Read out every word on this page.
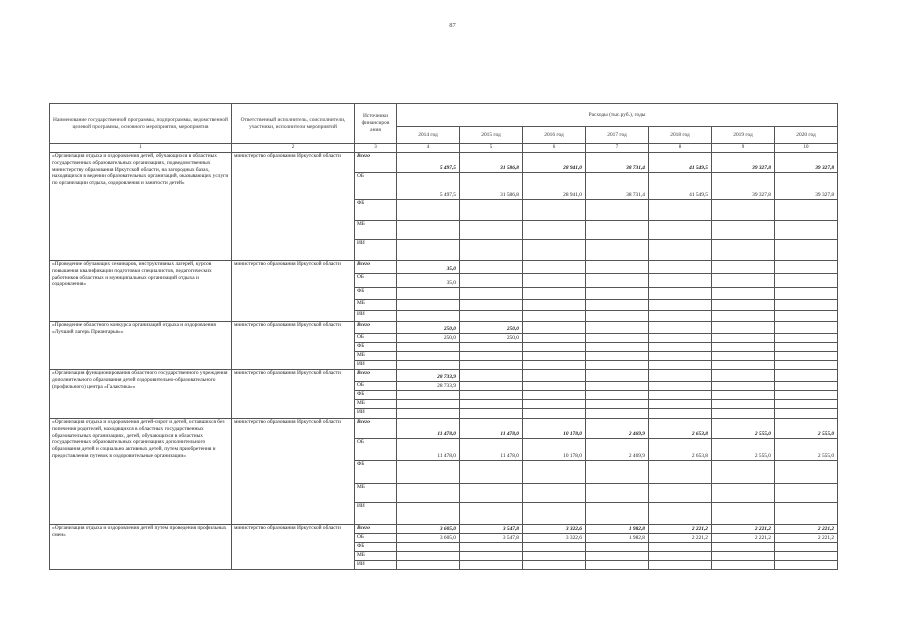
87
Наименование государственной программы, подпрограммы, ведомственной целевой программы, основного мероприятия, мероприятия	Ответственный исполнитель, соисполнители, участники, исполнители мероприятий	Источники финансиров ания	Расходы (тыс.руб.), годы						
			2014 год	2015 год	2016 год	2017 год	2018 год	2019 год	2020 год
1	2	3	4	5	6	7	8	9	10
«Организация отдыха и оздоровления детей, обучающихся в областных государственных образовательных организациях, подведомственных министерству образования Иркутской области, на загородных базах, находящихся в ведении образовательных организаций, оказывающих услуги по организации отдыха, оздоровления и занятости детей»	министерство образования Иркутской области	Всего	5 497,5	31 586,8	28 941,0	38 731,4	41 549,5	39 327,8	39 327,8
		ОБ	5 497,5	31 586,8	28 941,0	38 731,4	41 549,5	39 327,8	39 327,8
		ФБ							
		МБ							
		ИИ							
«Проведение обучающих семинаров, инструктивных лагерей, курсов повышения квалификации подготовки специалистов, педагогических работников областных и муниципальных организаций отдыха и оздоровления»	министерство образования Иркутской области	Всего	35,0						
		ОБ	35,0						
		ФБ							
		МБ							
		ИИ							
«Проведение областного конкурса организаций отдыха и оздоровления «Лучший лагерь Приангарья»»	министерство образования Иркутской области	Всего	250,0	250,0					
		ОБ	250,0	250,0					
		ФБ							
		МБ							
		ИИ							
«Организация функционирования областного государственного учреждения дополнительного образования детей оздоровительно-образовательного (профильного) центра «Галактика»»	министерство образования Иркутской области	Всего	28 733,9						
		ОБ	28 733,9						
		ФБ							
		МБ							
		ИИ							
«Организация отдыха и оздоровления детей-сирот и детей, оставшихся без попечения родителей, находящихся в областных государственных образовательных организациях, детей, обучающихся в областных государственных образовательных организациях дополнительного образования детей и социально активных детей, путем приобретения и предоставления путевок в оздоровительные организации»	министерство образования Иркутской области	Всего	11 478,0	11 478,0	10 178,0	2 469,9	2 653,8	2 555,0	2 555,0
		ОБ	11 478,0	11 478,0	10 178,0	2 469,9	2 653,8	2 555,0	2 555,0
		ФБ							
		МБ							
		ИИ							
«Организация отдыха и оздоровления детей путем проведения профильных смен»	министерство образования Иркутской области	Всего	3 605,0	3 547,8	3 322,6	1 982,8	2 221,2	2 221,2	2 221,2
		ОБ	3 605,0	3 547,8	3 322,6	1 982,8	2 221,2	2 221,2	2 221,2
		ФБ							
		МБ							
		ИИ							
